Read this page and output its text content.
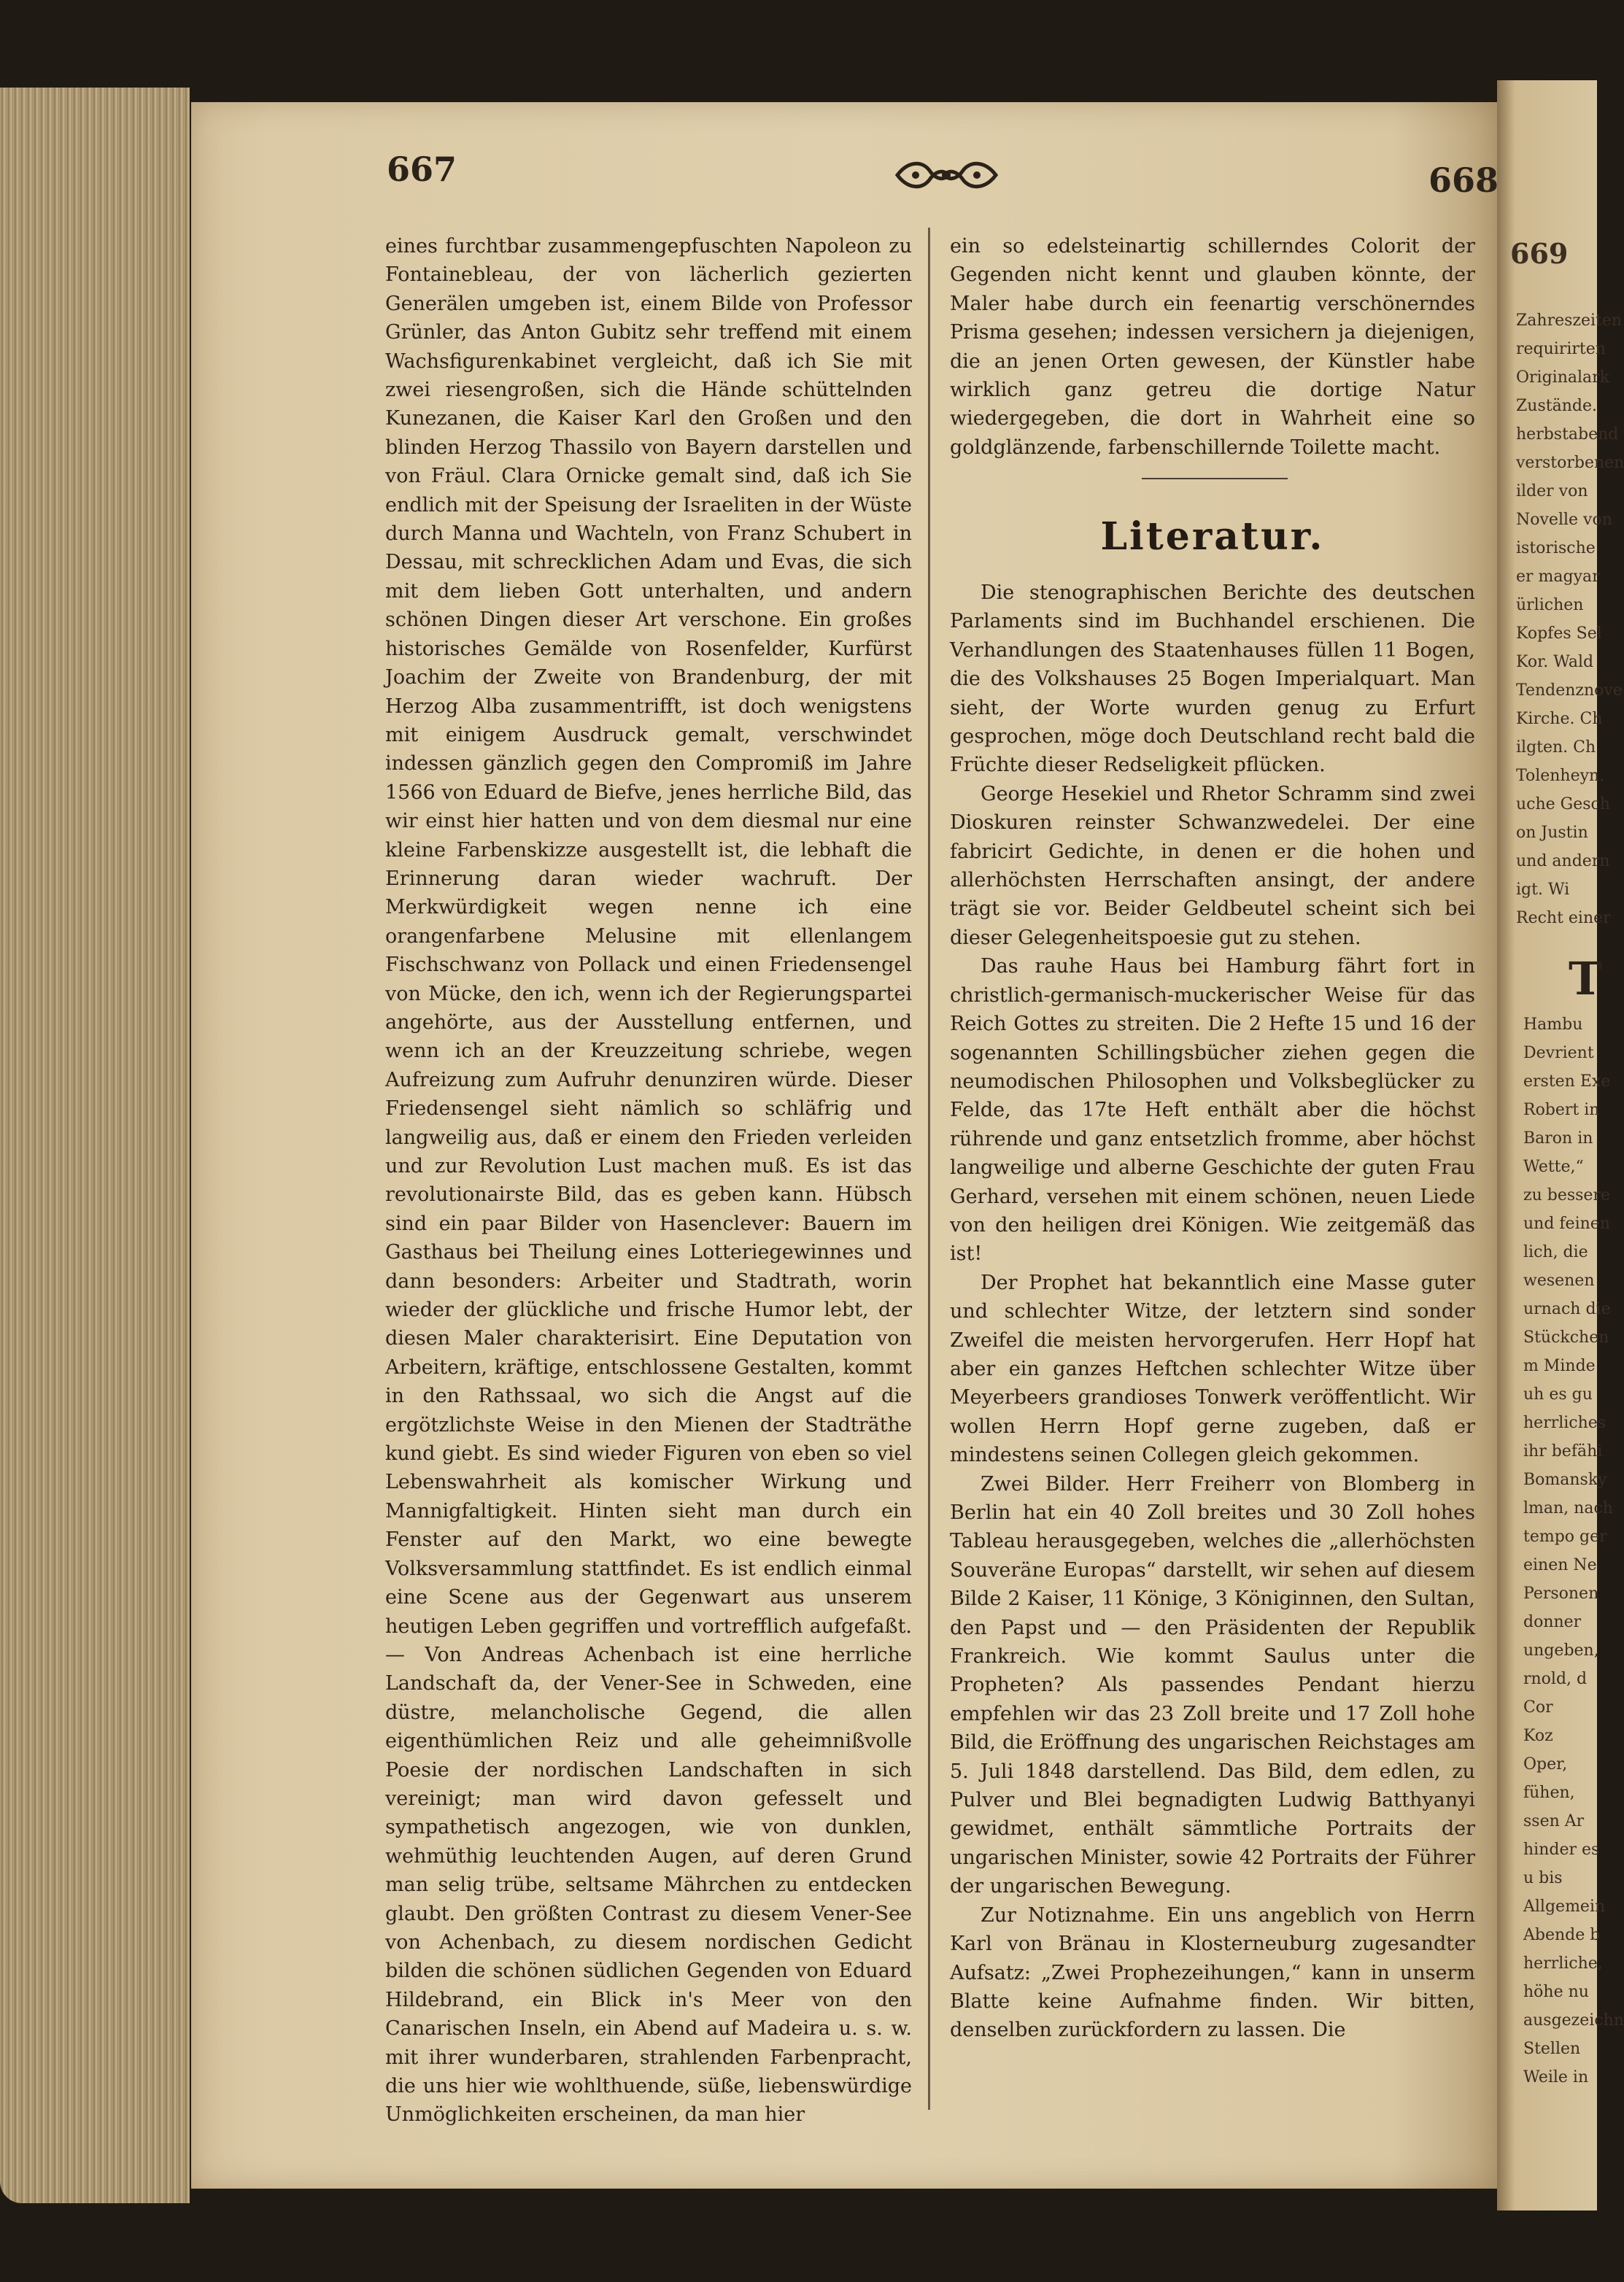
667	668

eines furchtbar zusammengepfuschten Napoleon zu Fontainebleau, der von lächerlich gezierten Generälen umgeben ist, einem Bilde von Professor Grünler, das Anton Gubitz sehr treffend mit einem Wachsfigurenkabinet vergleicht, daß ich Sie mit zwei riesengroßen, sich die Hände schüttelnden Kunezanen, die Kaiser Karl den Großen und den blinden Herzog Thassilo von Bayern darstellen und von Fräul. Clara Ornicke gemalt sind, daß ich Sie endlich mit der Speisung der Israeliten in der Wüste durch Manna und Wachteln, von Franz Schubert in Dessau, mit schrecklichen Adam und Evas, die sich mit dem lieben Gott unterhalten, und andern schönen Dingen dieser Art verschone. Ein großes historisches Gemälde von Rosenfelder, Kurfürst Joachim der Zweite von Brandenburg, der mit Herzog Alba zusammentrifft, ist doch wenigstens mit einigem Ausdruck gemalt, verschwindet indessen gänzlich gegen den Compromiß im Jahre 1566 von Eduard de Biefve, jenes herrliche Bild, das wir einst hier hatten und von dem diesmal nur eine kleine Farbenskizze ausgestellt ist, die lebhaft die Erinnerung daran wieder wachruft. Der Merkwürdigkeit wegen nenne ich eine orangenfarbene Melusine mit ellenlangem Fischschwanz von Pollack und einen Friedensengel von Mücke, den ich, wenn ich der Regierungspartei angehörte, aus der Ausstellung entfernen, und wenn ich an der Kreuzzeitung schriebe, wegen Aufreizung zum Aufruhr denunziren würde. Dieser Friedensengel sieht nämlich so schläfrig und langweilig aus, daß er einem den Frieden verleiden und zur Revolution Lust machen muß. Es ist das revolutionairste Bild, das es geben kann. Hübsch sind ein paar Bilder von Hasenclever: Bauern im Gasthaus bei Theilung eines Lotteriegewinnes und dann besonders: Arbeiter und Stadtrath, worin wieder der glückliche und frische Humor lebt, der diesen Maler charakterisirt. Eine Deputation von Arbeitern, kräftige, entschlossene Gestalten, kommt in den Rathssaal, wo sich die Angst auf die ergötzlichste Weise in den Mienen der Stadträthe kund giebt. Es sind wieder Figuren von eben so viel Lebenswahrheit als komischer Wirkung und Mannigfaltigkeit. Hinten sieht man durch ein Fenster auf den Markt, wo eine bewegte Volksversammlung stattfindet. Es ist endlich einmal eine Scene aus der Gegenwart aus unserem heutigen Leben gegriffen und vortrefflich aufgefaßt. — Von Andreas Achenbach ist eine herrliche Landschaft da, der Vener-See in Schweden, eine düstre, melancholische Gegend, die allen eigenthümlichen Reiz und alle geheimnißvolle Poesie der nordischen Landschaften in sich vereinigt; man wird davon gefesselt und sympathetisch angezogen, wie von dunklen, wehmüthig leuchtenden Augen, auf deren Grund man selig trübe, seltsame Mährchen zu entdecken glaubt. Den größten Contrast zu diesem Vener-See von Achenbach, zu diesem nordischen Gedicht bilden die schönen südlichen Gegenden von Eduard Hildebrand, ein Blick in's Meer von den Canarischen Inseln, ein Abend auf Madeira u. s. w. mit ihrer wunderbaren, strahlenden Farbenpracht, die uns hier wie wohlthuende, süße, liebenswürdige Unmöglichkeiten erscheinen, da man hier

ein so edelsteinartig schillerndes Colorit der Gegenden nicht kennt und glauben könnte, der Maler habe durch ein feenartig verschönerndes Prisma gesehen; indessen versichern ja diejenigen, die an jenen Orten gewesen, der Künstler habe wirklich ganz getreu die dortige Natur wiedergegeben, die dort in Wahrheit eine so goldglänzende, farbenschillernde Toilette macht.

Literatur.

Die stenographischen Berichte des deutschen Parlaments sind im Buchhandel erschienen. Die Verhandlungen des Staatenhauses füllen 11 Bogen, die des Volkshauses 25 Bogen Imperialquart. Man sieht, der Worte wurden genug zu Erfurt gesprochen, möge doch Deutschland recht bald die Früchte dieser Redseligkeit pflücken.

George Hesekiel und Rhetor Schramm sind zwei Dioskuren reinster Schwanzwedelei. Der eine fabricirt Gedichte, in denen er die hohen und allerhöchsten Herrschaften ansingt, der andere trägt sie vor. Beider Geldbeutel scheint sich bei dieser Gelegenheitspoesie gut zu stehen.

Das rauhe Haus bei Hamburg fährt fort in christlich-germanisch-muckerischer Weise für das Reich Gottes zu streiten. Die 2 Hefte 15 und 16 der sogenannten Schillingsbücher ziehen gegen die neumodischen Philosophen und Volksbeglücker zu Felde, das 17te Heft enthält aber die höchst rührende und ganz entsetzlich fromme, aber höchst langweilige und alberne Geschichte der guten Frau Gerhard, versehen mit einem schönen, neuen Liede von den heiligen drei Königen. Wie zeitgemäß das ist!

Der Prophet hat bekanntlich eine Masse guter und schlechter Witze, der letztern sind sonder Zweifel die meisten hervorgerufen. Herr Hopf hat aber ein ganzes Heftchen schlechter Witze über Meyerbeers grandioses Tonwerk veröffentlicht. Wir wollen Herrn Hopf gerne zugeben, daß er mindestens seinen Collegen gleich gekommen.

Zwei Bilder. Herr Freiherr von Blomberg in Berlin hat ein 40 Zoll breites und 30 Zoll hohes Tableau herausgegeben, welches die „allerhöchsten Souveräne Europas“ darstellt, wir sehen auf diesem Bilde 2 Kaiser, 11 Könige, 3 Königinnen, den Sultan, den Papst und — den Präsidenten der Republik Frankreich. Wie kommt Saulus unter die Propheten? Als passendes Pendant hierzu empfehlen wir das 23 Zoll breite und 17 Zoll hohe Bild, die Eröffnung des ungarischen Reichstages am 5. Juli 1848 darstellend. Das Bild, dem edlen, zu Pulver und Blei begnadigten Ludwig Batthyanyi gewidmet, enthält sämmtliche Portraits der ungarischen Minister, sowie 42 Portraits der Führer der ungarischen Bewegung.

Zur Notiznahme. Ein uns angeblich von Herrn Karl von Bränau in Klosterneuburg zugesandter Aufsatz: „Zwei Prophezeihungen,“ kann in unserm Blatte keine Aufnahme finden. Wir bitten, denselben zurückfordern zu lassen. Die

669
Zahreszeiten
requirirten
Originalark
Zustände.
herbstabend
verstorbenen
ilder von
Novelle von
istorische
er magyar
ürlichen
Kopfes Sel
Kor. Wald
Tendenznove
Kirche. Ch
ilgten. Ch
Tolenheyn.
uche Gesch
on Justin
und andern
igt. Wi
Recht einer
T
Hambu
Devrient
ersten Exe
Robert in
Baron in
Wette,“
zu bessere
und feinen
lich, die
wesenen
urnach die
Stückchen
m Minde
uh es gu
herrliches
ihr befähi
Bomansky
lman, nach
tempo ger
einen Ne
Personen
donner
ungeben,
rnold, d
Cor
Koz
Oper,
fühen,
ssen Ar
hinder es
u bis
Allgemein
Abende b
herrliche,
höhe nu
ausgezeichn
Stellen
Weile in
